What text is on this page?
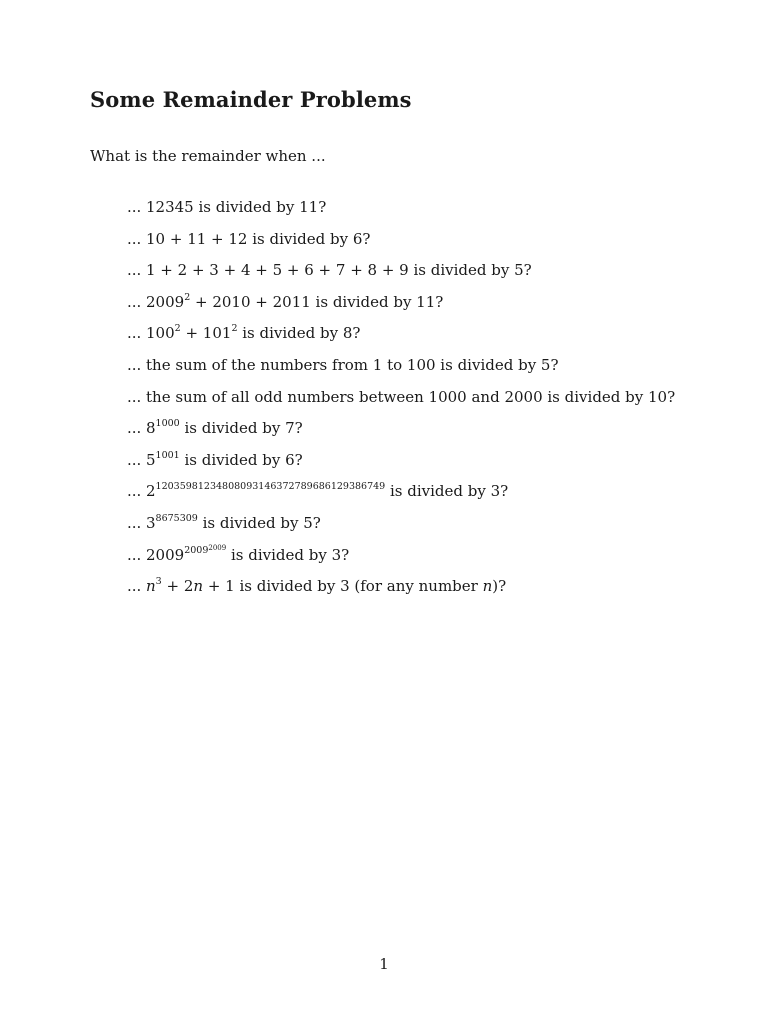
Some Remainder Problems

What is the remainder when ...

... 12345 is divided by 11?
... 10 + 11 + 12 is divided by 6?
... 1 + 2 + 3 + 4 + 5 + 6 + 7 + 8 + 9 is divided by 5?
... $2009^2 + 2010 + 2011$ is divided by 11?
... $100^2 + 101^2$ is divided by 8?
... the sum of the numbers from 1 to 100 is divided by 5?
... the sum of all odd numbers between 1000 and 2000 is divided by 10?
... $8^{1000}$ is divided by 7?
... $5^{1001}$ is divided by 6?
... $2^{12035981234808093146372789686129386749}$ is divided by 3?
... $3^{8675309}$ is divided by 5?
... $2009^{2009^{2009}}$ is divided by 3?
... $n^3 + 2n + 1$ is divided by 3 (for any number n)?

1
